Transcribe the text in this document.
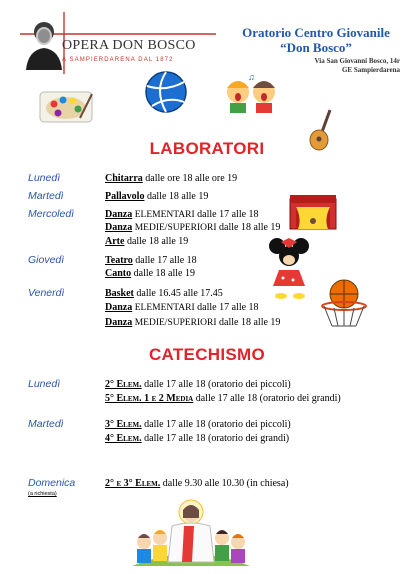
OPERA DON BOSCO
A SAMPIERDARENA DAL 1872
Oratorio Centro Giovanile
“Don Bosco”
Via San Giovanni Bosco, 14r
GE Sampierdarena
♫
LABORATORI
Lunedì	Chitarra dalle ore 18 alle ore 19
Martedì	Pallavolo dalle 18 alle 19
Mercoledì	Danza ELEMENTARI dalle 17 alle 18
Danza MEDIE/SUPERIORI dalle 18 alle 19
Arte dalle 18 alle 19
Giovedì	Teatro dalle 17 alle 18
Canto dalle 18 alle 19
Venerdì	Basket dalle 16.45 alle 17.45
Danza ELEMENTARI dalle 17 alle 18
Danza MEDIE/SUPERIORI dalle 18 alle 19
CATECHISMO
Lunedì	2° Elem. dalle 17 alle 18 (oratorio dei piccoli)
5° Elem. 1 e 2 Media dalle 17 alle 18 (oratorio dei grandi)
Martedì	3° Elem. dalle 17 alle 18 (oratorio dei piccoli)
4° Elem. dalle 17 alle 18 (oratorio dei grandi)
Domenica	2° e 3° Elem. dalle 9.30 alle 10.30 (in chiesa)
(a richiesta)
